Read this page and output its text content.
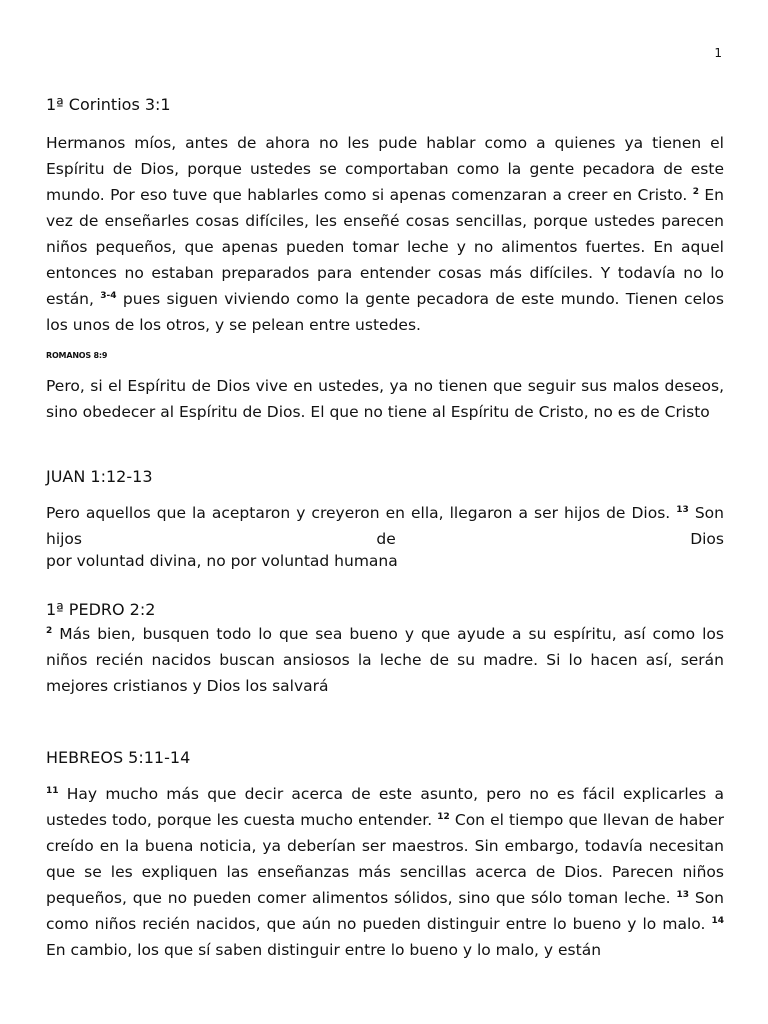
1
1ª Corintios 3:1
Hermanos míos, antes de ahora no les pude hablar como a quienes ya tienen el Espíritu de Dios, porque ustedes se comportaban como la gente pecadora de este mundo. Por eso tuve que hablarles como si apenas comenzaran a creer en Cristo. $^2$ En vez de enseñarles cosas difíciles, les enseñé cosas sencillas, porque ustedes parecen niños pequeños, que apenas pueden tomar leche y no alimentos fuertes. En aquel entonces no estaban preparados para entender cosas más difíciles. Y todavía no lo están, $^{3-4}$ pues siguen viviendo como la gente pecadora de este mundo. Tienen celos los unos de los otros, y se pelean entre ustedes.
ROMANOS 8:9
Pero, si el Espíritu de Dios vive en ustedes, ya no tienen que seguir sus malos deseos, sino obedecer al Espíritu de Dios. El que no tiene al Espíritu de Cristo, no es de Cristo
JUAN 1:12-13
Pero aquellos que la aceptaron y creyeron en ella, llegaron a ser hijos de Dios. $^{13}$ Son hijos de Dios
por voluntad divina, no por voluntad humana
1ª PEDRO 2:2
$^2$ Más bien, busquen todo lo que sea bueno y que ayude a su espíritu, así como los niños recién nacidos buscan ansiosos la leche de su madre. Si lo hacen así, serán mejores cristianos y Dios los salvará
HEBREOS 5:11-14
$^{11}$ Hay mucho más que decir acerca de este asunto, pero no es fácil explicarles a ustedes todo, porque les cuesta mucho entender. $^{12}$ Con el tiempo que llevan de haber creído en la buena noticia, ya deberían ser maestros. Sin embargo, todavía necesitan que se les expliquen las enseñanzas más sencillas acerca de Dios. Parecen niños pequeños, que no pueden comer alimentos sólidos, sino que sólo toman leche. $^{13}$ Son como niños recién nacidos, que aún no pueden distinguir entre lo bueno y lo malo. $^{14}$ En cambio, los que sí saben distinguir entre lo bueno y lo malo, y están
